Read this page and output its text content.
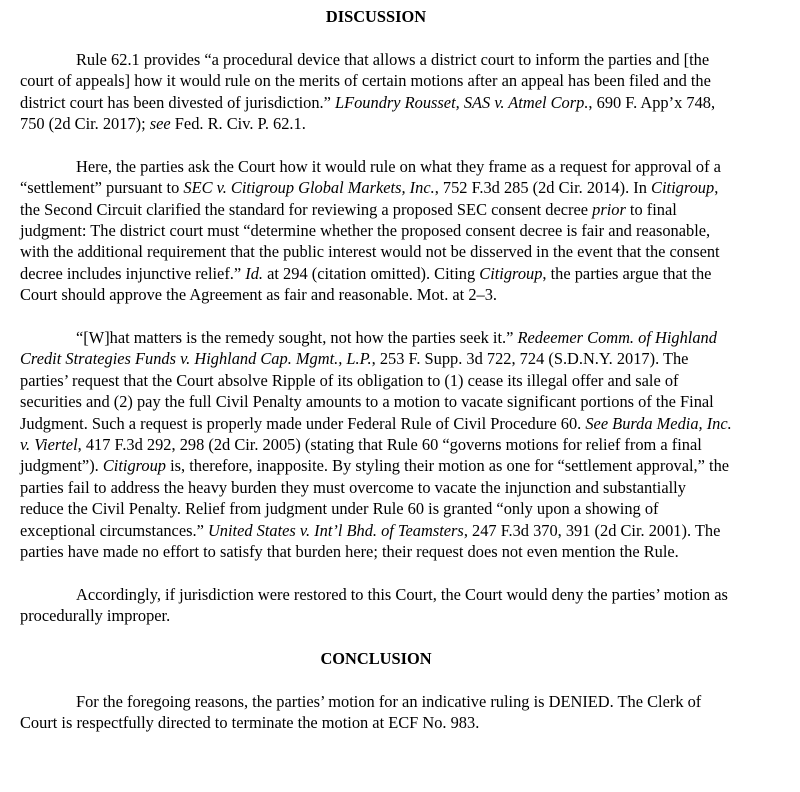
DISCUSSION

Rule 62.1 provides “a procedural device that allows a district court to inform the parties and [the court of appeals] how it would rule on the merits of certain motions after an appeal has been filed and the district court has been divested of jurisdiction.” LFoundry Rousset, SAS v. Atmel Corp., 690 F. App’x 748, 750 (2d Cir. 2017); see Fed. R. Civ. P. 62.1.

Here, the parties ask the Court how it would rule on what they frame as a request for approval of a “settlement” pursuant to SEC v. Citigroup Global Markets, Inc., 752 F.3d 285 (2d Cir. 2014). In Citigroup, the Second Circuit clarified the standard for reviewing a proposed SEC consent decree prior to final judgment: The district court must “determine whether the proposed consent decree is fair and reasonable, with the additional requirement that the public interest would not be disserved in the event that the consent decree includes injunctive relief.” Id. at 294 (citation omitted). Citing Citigroup, the parties argue that the Court should approve the Agreement as fair and reasonable. Mot. at 2–3.

“[W]hat matters is the remedy sought, not how the parties seek it.” Redeemer Comm. of Highland Credit Strategies Funds v. Highland Cap. Mgmt., L.P., 253 F. Supp. 3d 722, 724 (S.D.N.Y. 2017). The parties’ request that the Court absolve Ripple of its obligation to (1) cease its illegal offer and sale of securities and (2) pay the full Civil Penalty amounts to a motion to vacate significant portions of the Final Judgment. Such a request is properly made under Federal Rule of Civil Procedure 60. See Burda Media, Inc. v. Viertel, 417 F.3d 292, 298 (2d Cir. 2005) (stating that Rule 60 “governs motions for relief from a final judgment”). Citigroup is, therefore, inapposite. By styling their motion as one for “settlement approval,” the parties fail to address the heavy burden they must overcome to vacate the injunction and substantially reduce the Civil Penalty. Relief from judgment under Rule 60 is granted “only upon a showing of exceptional circumstances.” United States v. Int’l Bhd. of Teamsters, 247 F.3d 370, 391 (2d Cir. 2001). The parties have made no effort to satisfy that burden here; their request does not even mention the Rule.

Accordingly, if jurisdiction were restored to this Court, the Court would deny the parties’ motion as procedurally improper.

CONCLUSION

For the foregoing reasons, the parties’ motion for an indicative ruling is DENIED. The Clerk of Court is respectfully directed to terminate the motion at ECF No. 983.
